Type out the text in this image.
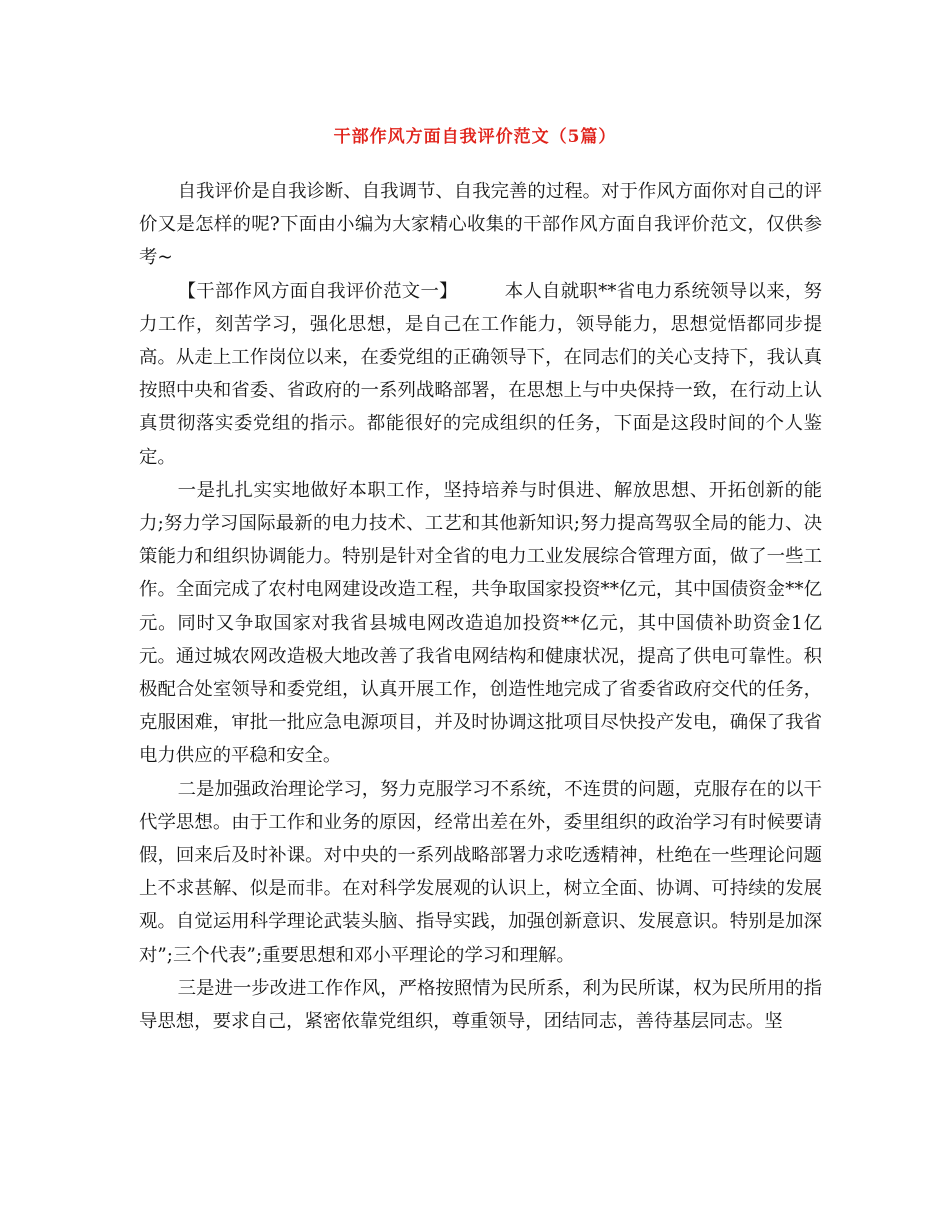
干部作风方面自我评价范文（5篇）

自我评价是自我诊断、自我调节、自我完善的过程。对于作风方面你对自己的评价又是怎样的呢?下面由小编为大家精心收集的干部作风方面自我评价范文，仅供参考~

【干部作风方面自我评价范文一】　　　	本人自就职**省电力系统领导以来，努力工作，刻苦学习，强化思想，是自己在工作能力，领导能力，思想觉悟都同步提高。从走上工作岗位以来，在委党组的正确领导下，在同志们的关心支持下，我认真按照中央和省委、省政府的一系列战略部署，在思想上与中央保持一致，在行动上认真贯彻落实委党组的指示。都能很好的完成组织的任务，下面是这段时间的个人鉴定。

一是扎扎实实地做好本职工作，坚持培养与时俱进、解放思想、开拓创新的能力;努力学习国际最新的电力技术、工艺和其他新知识;努力提高驾驭全局的能力、决策能力和组织协调能力。特别是针对全省的电力工业发展综合管理方面，做了一些工作。全面完成了农村电网建设改造工程，共争取国家投资**亿元，其中国债资金**亿元。同时又争取国家对我省县城电网改造追加投资**亿元，其中国债补助资金1亿元。通过城农网改造极大地改善了我省电网结构和健康状况，提高了供电可靠性。积极配合处室领导和委党组，认真开展工作，创造性地完成了省委省政府交代的任务，克服困难，审批一批应急电源项目，并及时协调这批项目尽快投产发电，确保了我省电力供应的平稳和安全。

二是加强政治理论学习，努力克服学习不系统，不连贯的问题，克服存在的以干代学思想。由于工作和业务的原因，经常出差在外，委里组织的政治学习有时候要请假，回来后及时补课。对中央的一系列战略部署力求吃透精神，杜绝在一些理论问题上不求甚解、似是而非。在对科学发展观的认识上，树立全面、协调、可持续的发展观。自觉运用科学理论武装头脑、指导实践，加强创新意识、发展意识。特别是加深对”;三个代表”;重要思想和邓小平理论的学习和理解。

三是进一步改进工作作风，严格按照情为民所系，利为民所谋，权为民所用的指导思想，要求自己，紧密依靠党组织，尊重领导，团结同志，善待基层同志。坚
